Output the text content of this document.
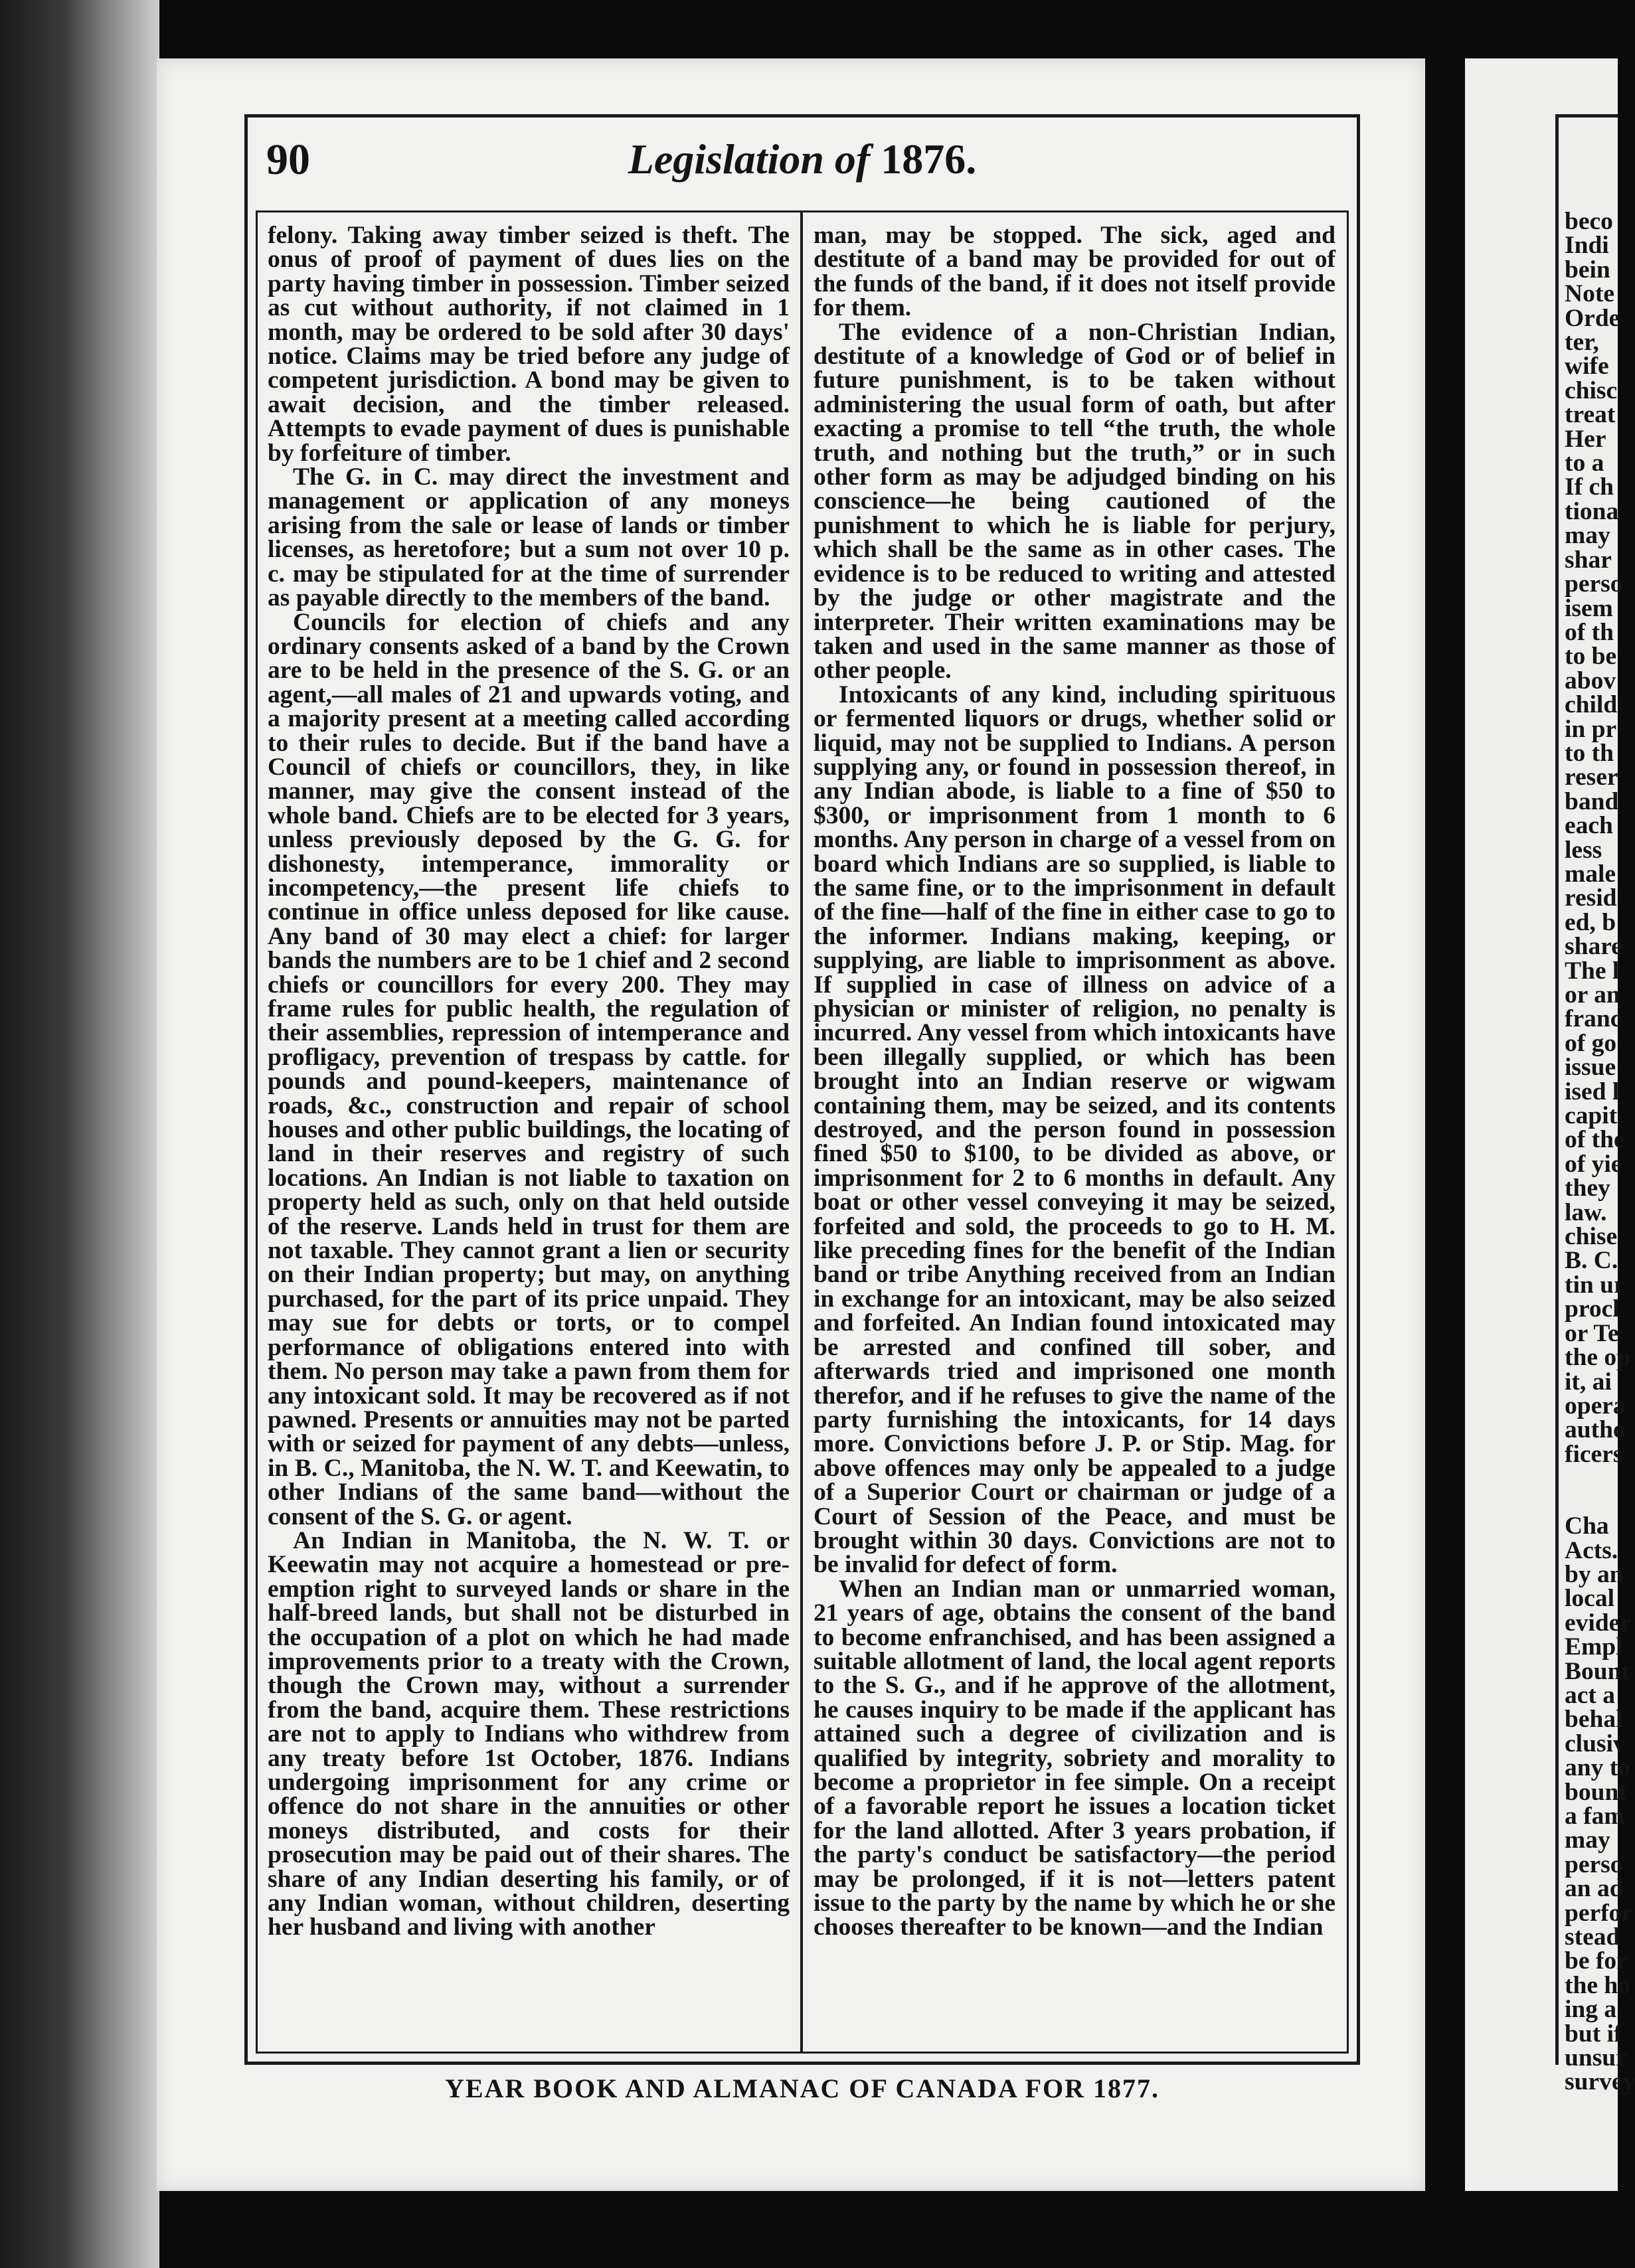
90	Legislation of 1876.

felony. Taking away timber seized is theft. The onus of proof of payment of dues lies on the party having timber in possession. Timber seized as cut without authority, if not claimed in 1 month, may be ordered to be sold after 30 days' notice. Claims may be tried before any judge of competent jurisdiction. A bond may be given to await decision, and the timber released. Attempts to evade payment of dues is punishable by forfeiture of timber.

The G. in C. may direct the investment and management or application of any moneys arising from the sale or lease of lands or timber licenses, as heretofore; but a sum not over 10 p. c. may be stipulated for at the time of surrender as payable directly to the members of the band.

Councils for election of chiefs and any ordinary consents asked of a band by the Crown are to be held in the presence of the S. G. or an agent,—all males of 21 and upwards voting, and a majority present at a meeting called according to their rules to decide. But if the band have a Council of chiefs or councillors, they, in like manner, may give the consent instead of the whole band. Chiefs are to be elected for 3 years, unless previously deposed by the G. G. for dishonesty, intemperance, immorality or incompetency,—the present life chiefs to continue in office unless deposed for like cause. Any band of 30 may elect a chief: for larger bands the numbers are to be 1 chief and 2 second chiefs or councillors for every 200. They may frame rules for public health, the regulation of their assemblies, repression of intemperance and profligacy, prevention of trespass by cattle. for pounds and pound-keepers, maintenance of roads, &c., construction and repair of school houses and other public buildings, the locating of land in their reserves and registry of such locations. An Indian is not liable to taxation on property held as such, only on that held outside of the reserve. Lands held in trust for them are not taxable. They cannot grant a lien or security on their Indian property; but may, on anything purchased, for the part of its price unpaid. They may sue for debts or torts, or to compel performance of obligations entered into with them. No person may take a pawn from them for any intoxicant sold. It may be recovered as if not pawned. Presents or annuities may not be parted with or seized for payment of any debts—unless, in B. C., Manitoba, the N. W. T. and Keewatin, to other Indians of the same band—without the consent of the S. G. or agent.

An Indian in Manitoba, the N. W. T. or Keewatin may not acquire a homestead or pre-emption right to surveyed lands or share in the half-breed lands, but shall not be disturbed in the occupation of a plot on which he had made improvements prior to a treaty with the Crown, though the Crown may, without a surrender from the band, acquire them. These restrictions are not to apply to Indians who withdrew from any treaty before 1st October, 1876. Indians undergoing imprisonment for any crime or offence do not share in the annuities or other moneys distributed, and costs for their prosecution may be paid out of their shares. The share of any Indian deserting his family, or of any Indian woman, without children, deserting her husband and living with another

man, may be stopped. The sick, aged and destitute of a band may be provided for out of the funds of the band, if it does not itself provide for them.

The evidence of a non-Christian Indian, destitute of a knowledge of God or of belief in future punishment, is to be taken without administering the usual form of oath, but after exacting a promise to tell “the truth, the whole truth, and nothing but the truth,” or in such other form as may be adjudged binding on his conscience—he being cautioned of the punishment to which he is liable for perjury, which shall be the same as in other cases. The evidence is to be reduced to writing and attested by the judge or other magistrate and the interpreter. Their written examinations may be taken and used in the same manner as those of other people.

Intoxicants of any kind, including spirituous or fermented liquors or drugs, whether solid or liquid, may not be supplied to Indians. A person supplying any, or found in possession thereof, in any Indian abode, is liable to a fine of $50 to $300, or imprisonment from 1 month to 6 months. Any person in charge of a vessel from on board which Indians are so supplied, is liable to the same fine, or to the imprisonment in default of the fine—half of the fine in either case to go to the informer. Indians making, keeping, or supplying, are liable to imprisonment as above. If supplied in case of illness on advice of a physician or minister of religion, no penalty is incurred. Any vessel from which intoxicants have been illegally supplied, or which has been brought into an Indian reserve or wigwam containing them, may be seized, and its contents destroyed, and the person found in possession fined $50 to $100, to be divided as above, or imprisonment for 2 to 6 months in default. Any boat or other vessel conveying it may be seized, forfeited and sold, the proceeds to go to H. M. like preceding fines for the benefit of the Indian band or tribe Anything received from an Indian in exchange for an intoxicant, may be also seized and forfeited. An Indian found intoxicated may be arrested and confined till sober, and afterwards tried and imprisoned one month therefor, and if he refuses to give the name of the party furnishing the intoxicants, for 14 days more. Convictions before J. P. or Stip. Mag. for above offences may only be appealed to a judge of a Superior Court or chairman or judge of a Court of Session of the Peace, and must be brought within 30 days. Convictions are not to be invalid for defect of form.

When an Indian man or unmarried woman, 21 years of age, obtains the consent of the band to become enfranchised, and has been assigned a suitable allotment of land, the local agent reports to the S. G., and if he approve of the allotment, he causes inquiry to be made if the applicant has attained such a degree of civilization and is qualified by integrity, sobriety and morality to become a proprietor in fee simple. On a receipt of a favorable report he issues a location ticket for the land allotted. After 3 years probation, if the party's conduct be satisfactory—the period may be prolonged, if it is not—letters patent issue to the party by the name by which he or she chooses thereafter to be known—and the Indian

beco
Indi
bein
Note
Orde
ter,
wife
chisc
treat
Her
to a
If ch
tiona
may
shar
perso
isem
of th
to be
abov
child
in pr
to th
reser
band
each
less
male
resid
ed, b
share
The l
or an
franc
of go
issue
ised l
capit
of the
of yie
they
law.
chise
B. C.
tin ur
procl
or Te
the op
it, ai
opera
autho
ficers
Cha
Acts.
by an
local
evider
Empl
Bount
act a
behal
clusiv
any to
bount
a fam
may
perso
an ad
perfor
stead
be for
the ho
ing a
but if
unsur
survey
YEAR BOOK AND ALMANAC OF CANADA FOR 1877.
